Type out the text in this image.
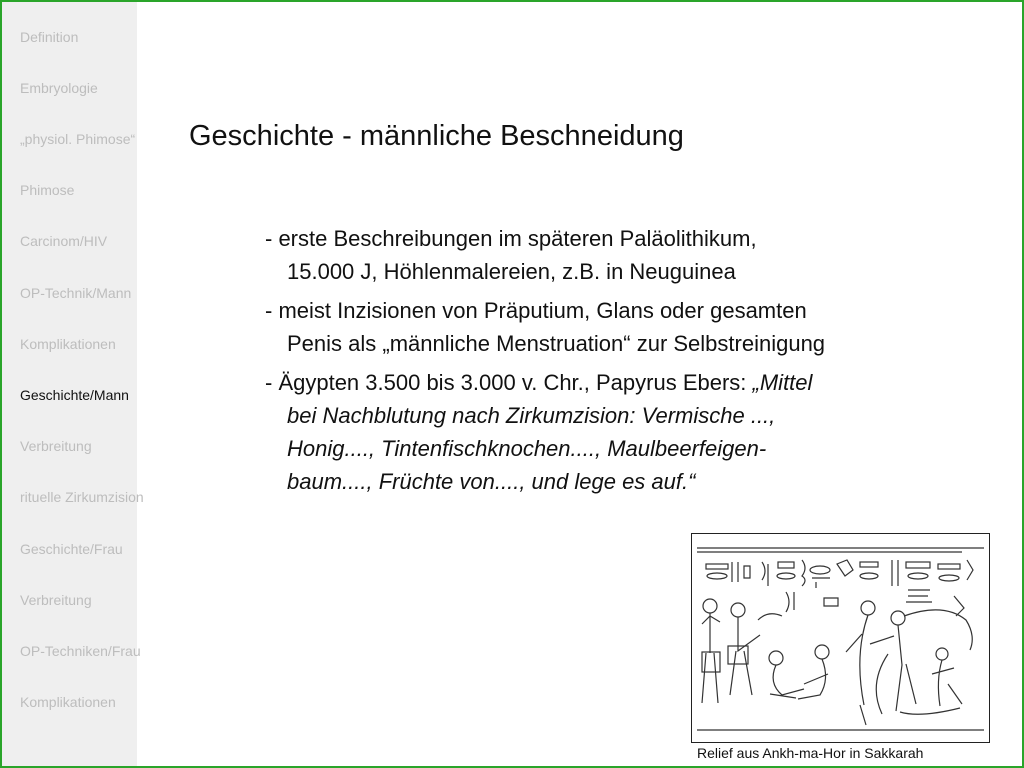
Definition
Embryologie
„physiol. Phimose“
Phimose
Carcinom/HIV
OP-Technik/Mann
Komplikationen
Geschichte/Mann
Verbreitung
rituelle Zirkumzision
Geschichte/Frau
Verbreitung
OP-Techniken/Frau
Komplikationen
Geschichte - männliche Beschneidung
- erste Beschreibungen im späteren Paläolithikum,
15.000 J, Höhlenmalereien, z.B. in Neuguinea
- meist Inzisionen von Präputium, Glans oder gesamten
Penis als „männliche Menstruation“ zur Selbstreinigung
- Ägypten 3.500 bis 3.000 v. Chr., Papyrus Ebers: „Mittel
bei Nachblutung nach Zirkumzision: Vermische ...,
Honig...., Tintenfischknochen...., Maulbeerfeigen-
baum...., Früchte von...., und lege es auf.“
Relief aus Ankh-ma-Hor in Sakkarah
